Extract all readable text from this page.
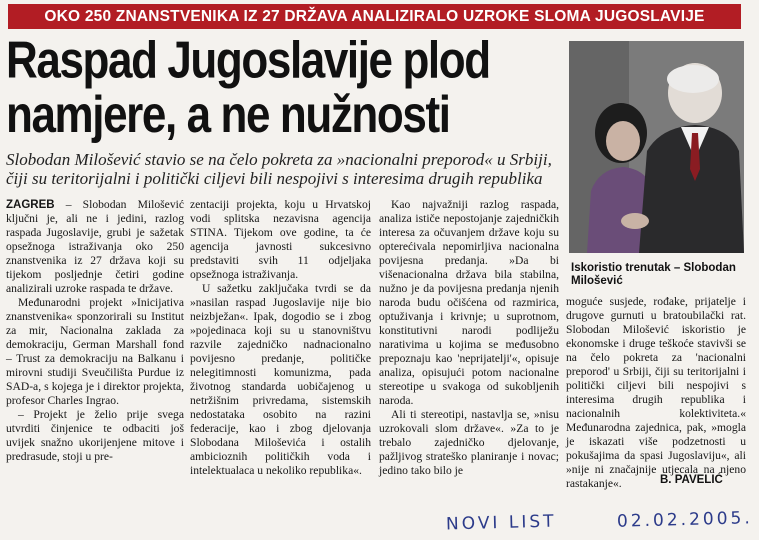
OKO 250 ZNANSTVENIKA IZ 27 DRŽAVA ANALIZIRALO UZROKE SLOMA JUGOSLAVIJE
Raspad Jugoslavije plod
namjere, a ne nužnosti
Slobodan Milošević stavio se na čelo pokreta za »nacionalni preporod« u Srbiji, čiji su teritorijalni i politički ciljevi bili nespojivi s interesima drugih republika
Iskoristio trenutak – Slobodan Milošević

ZAGREB – Slobodan Milošević ključni je, ali ne i jedini, razlog raspada Jugoslavije, grubi je sažetak opsežnoga istraživanja oko 250 znanstvenika iz 27 država koji su tijekom posljednje četiri godine analizirali uzroke raspada te države.

Međunarodni projekt »Inicijativa znanstvenika« sponzorirali su Institut za mir, Nacionalna zaklada za demokraciju, German Marshall fond – Trust za demokraciju na Balkanu i mirovni studiji Sveučilišta Purdue iz SAD-a, s kojega je i direktor projekta, profesor Charles Ingrao.

– Projekt je želio prije svega utvrditi činjenice te odbaciti još uvijek snažno ukorijenjene mitove i predrasude, stoji u pre-

zentaciji projekta, koju u Hrvatskoj vodi splitska nezavisna agencija STINA. Tijekom ove godine, ta će agencija javnosti sukcesivno predstaviti svih 11 odjeljaka opsežnoga istraživanja.

U sažetku zaključaka tvrdi se da »nasilan raspad Jugoslavije nije bio neizbježan«. Ipak, dogodio se i zbog »pojedinaca koji su u stanovništvu razvile zajedničko nadnacionalno povijesno predanje, političke nelegitimnosti komunizma, pada životnog standarda uobičajenog u netržišnim privredama, sistemskih nedostataka osobito na razini federacije, kao i zbog djelovanja Slobodana Miloševića i ostalih ambicioznih političkih voda i intelektualaca u nekoliko republika«.

Kao najvažniji razlog raspada, analiza ističe nepostojanje zajedničkih interesa za očuvanjem države koju su opterećivala nepomirljiva nacionalna povijesna predanja. »Da bi višenacionalna država bila stabilna, nužno je da povijesna predanja njenih naroda budu očišćena od razmirica, optuživanja i krivnje; u suprotnom, konstitutivni narodi podliježu narativima u kojima se međusobno prepoznaju kao 'neprijatelji'«, opisuje analiza, opisujući potom nacionalne stereotipe u svakoga od sukobljenih naroda.

Ali ti stereotipi, nastavlja se, »nisu uzrokovali slom države«. »Za to je trebalo zajedničko djelovanje, pažljivog strateško planiranje i novac; jedino tako bilo je

moguće susjede, rođake, prijatelje i drugove gurnuti u bratoubilački rat. Slobodan Milošević iskoristio je ekonomske i druge teškoće stavivši se na čelo pokreta za 'nacionalni preporod' u Srbiji, čiji su teritorijalni i politički ciljevi bili nespojivi s interesima drugih republika i nacionalnih kolektiviteta.« Međunarodna zajednica, pak, »mogla je iskazati više podzetnosti u pokušajima da spasi Jugoslaviju«, ali »nije ni značajnije utjecala na njeno rastakanje«.	B. PAVELIĆ
NOVI LIST	02.02.2005.
